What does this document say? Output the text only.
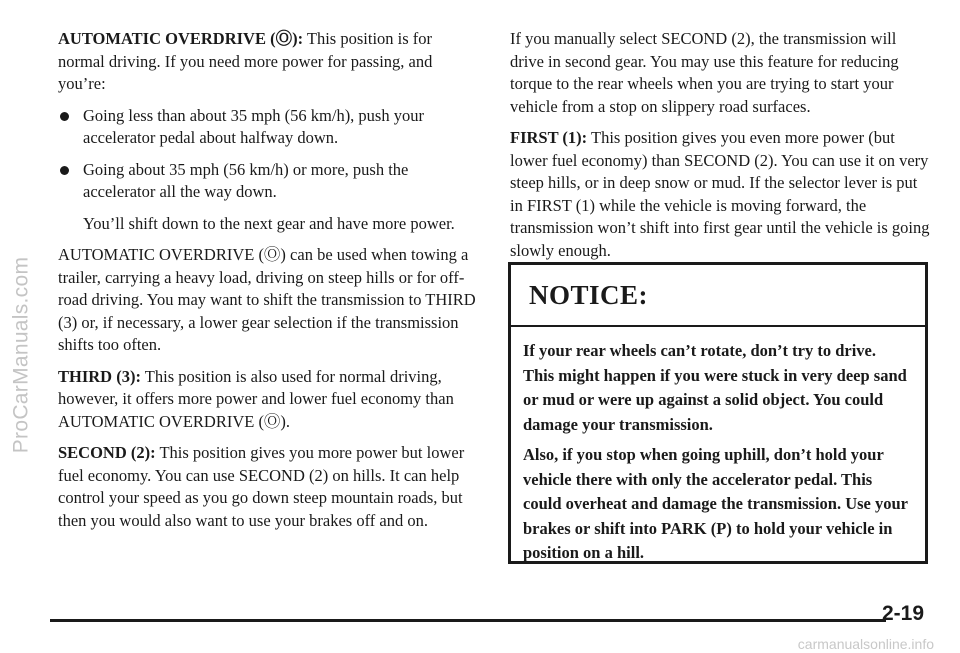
ProCarManuals.com

AUTOMATIC OVERDRIVE (Ⓞ): This position is for normal driving. If you need more power for passing, and you’re:

Going less than about 35 mph (56 km/h), push your accelerator pedal about halfway down.
Going about 35 mph (56 km/h) or more, push the accelerator all the way down.

You’ll shift down to the next gear and have more power.

AUTOMATIC OVERDRIVE (Ⓞ) can be used when towing a trailer, carrying a heavy load, driving on steep hills or for off-road driving. You may want to shift the transmission to THIRD (3) or, if necessary, a lower gear selection if the transmission shifts too often.

THIRD (3): This position is also used for normal driving, however, it offers more power and lower fuel economy than AUTOMATIC OVERDRIVE (Ⓞ).

SECOND (2): This position gives you more power but lower fuel economy. You can use SECOND (2) on hills. It can help control your speed as you go down steep mountain roads, but then you would also want to use your brakes off and on.

If you manually select SECOND (2), the transmission will drive in second gear. You may use this feature for reducing torque to the rear wheels when you are trying to start your vehicle from a stop on slippery road surfaces.

FIRST (1): This position gives you even more power (but lower fuel economy) than SECOND (2). You can use it on very steep hills, or in deep snow or mud. If the selector lever is put in FIRST (1) while the vehicle is moving forward, the transmission won’t shift into first gear until the vehicle is going slowly enough.

NOTICE:

If your rear wheels can’t rotate, don’t try to drive. This might happen if you were stuck in very deep sand or mud or were up against a solid object. You could damage your transmission.

Also, if you stop when going uphill, don’t hold your vehicle there with only the accelerator pedal. This could overheat and damage the transmission. Use your brakes or shift into PARK (P) to hold your vehicle in position on a hill.

2-19
carmanualsonline.info
